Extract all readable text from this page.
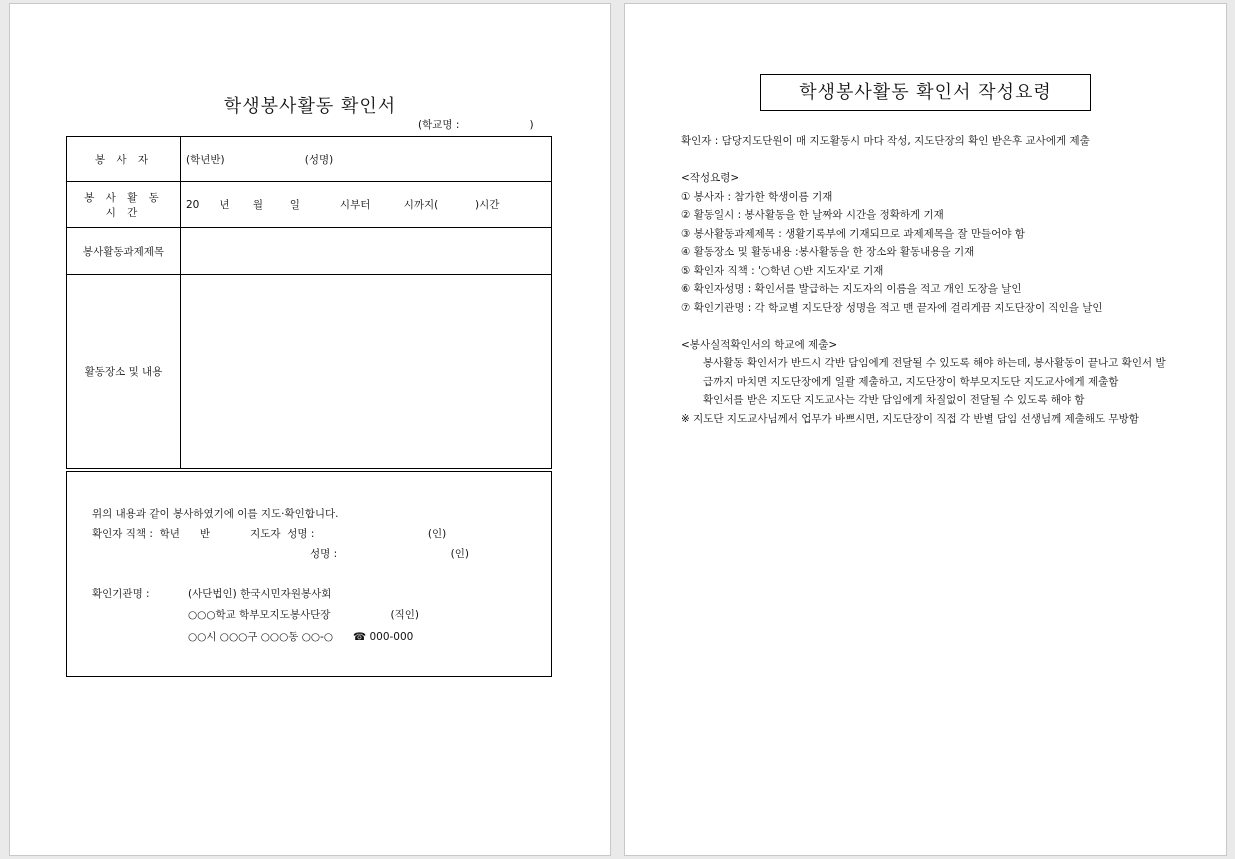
학생봉사활동 확인서
(학교명 :                     )
봉 사 자	(학년반)                        (성명)

봉 사 활 동
시 간	20      년       월        일            시부터          시까지(           )시간
봉사활동과제제목	
활동장소 및 내용	
위의 내용과 같이 봉사하였기에 이를 지도·확인합니다.
확인자 직책 :  학년      반            지도자  성명 :                                  (인)
성명 :                                  (인)
확인기관명 :	(사단법인) 한국시민자원봉사회
○○○학교 학부모지도봉사단장                  (직인)
○○시 ○○○구 ○○○동 ○○-○      ☎ 000-000
학생봉사활동 확인서 작성요령

확인자 : 담당지도단원이 매 지도활동시 마다 작성, 지도단장의 확인 받은후 교사에게 제출

<작성요령>

① 봉사자 : 참가한 학생이름 기재

② 활동일시 : 봉사활동을 한 날짜와 시간을 정확하게 기재

③ 봉사활동과제제목 : 생활기록부에 기재되므로 과제제목을 잘 만들어야 함

④ 활동장소 및 활동내용 :봉사활동을 한 장소와 활동내용을 기재

⑤ 확인자 직책 : '○학년 ○반 지도자'로 기재

⑥ 확인자성명 : 확인서를 발급하는 지도자의 이름을 적고 개인 도장을 날인

⑦ 확인기관명 : 각 학교별 지도단장 성명을 적고 맨 끝자에 걸리게끔 지도단장이 직인을 날인

<봉사실적확인서의 학교에 제출>

봉사활동 확인서가 반드시 각반 담임에게 전달될 수 있도록 해야 하는데, 봉사활동이 끝나고 확인서 발급까지 마치면 지도단장에게 일괄 제출하고, 지도단장이 학부모지도단 지도교사에게 제출함

확인서를 받은 지도단 지도교사는 각반 담임에게 차질없이 전달될 수 있도록 해야 함

※ 지도단 지도교사님께서 업무가 바쁘시면, 지도단장이 직접 각 반별 담임 선생님께 제출해도 무방함
